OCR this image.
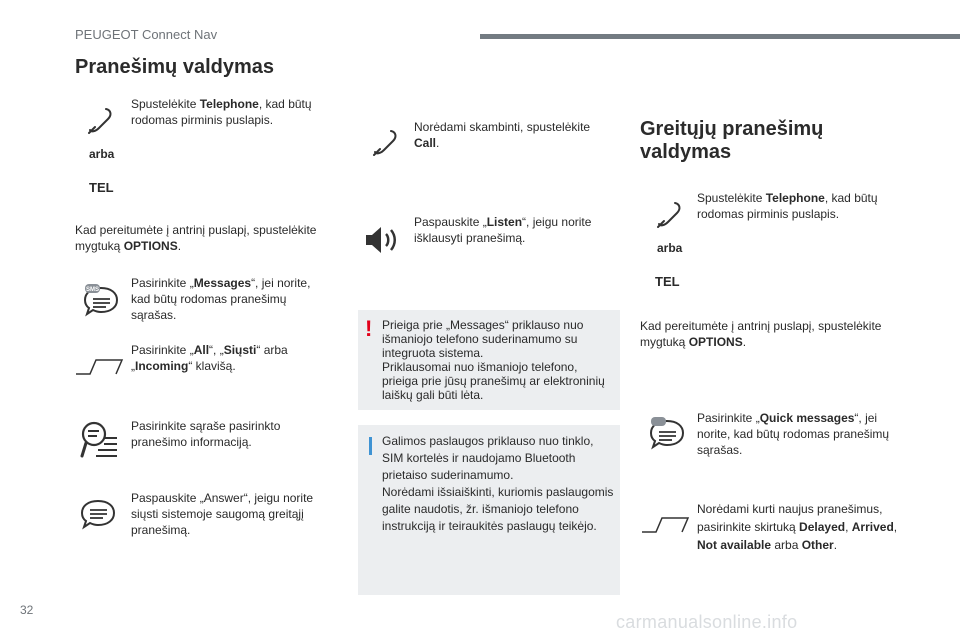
PEUGEOT Connect Nav
Pranešimų valdymas
Spustelėkite Telephone, kad būtų rodomas pirminis puslapis.
arba
TEL
Kad pereitumėte į antrinį puslapį, spustelėkite mygtuką OPTIONS.
SMS	Pasirinkite „Messages“, jei norite, kad būtų rodomas pranešimų sąrašas.
Pasirinkite „All“, „Siųsti“ arba „Incoming“ klavišą.
Pasirinkite sąraše pasirinkto pranešimo informaciją.
Paspauskite „Answer“, jeigu norite siųsti sistemoje saugomą greitąjį pranešimą.
Norėdami skambinti, spustelėkite Call.
Paspauskite „Listen“, jeigu norite išklausyti pranešimą.
! Prieiga prie „Messages“ priklauso nuo išmaniojo telefono suderinamumo su integruota sistema.
Priklausomai nuo išmaniojo telefono, prieiga prie jūsų pranešimų ar elektroninių laiškų gali būti lėta.
Galimos paslaugos priklauso nuo tinklo, SIM kortelės ir naudojamo Bluetooth prietaiso suderinamumo.
Norėdami išsiaiškinti, kuriomis paslaugomis galite naudotis, žr. išmaniojo telefono instrukciją ir teiraukitės paslaugų teikėjo.
Greitųjų pranešimų valdymas
Spustelėkite Telephone, kad būtų rodomas pirminis puslapis.
arba
TEL
Kad pereitumėte į antrinį puslapį, spustelėkite mygtuką OPTIONS.
Pasirinkite „Quick messages“, jei norite, kad būtų rodomas pranešimų sąrašas.
Norėdami kurti naujus pranešimus, pasirinkite skirtuką Delayed, Arrived, Not available arba Other.
32
carmanualsonline.info
